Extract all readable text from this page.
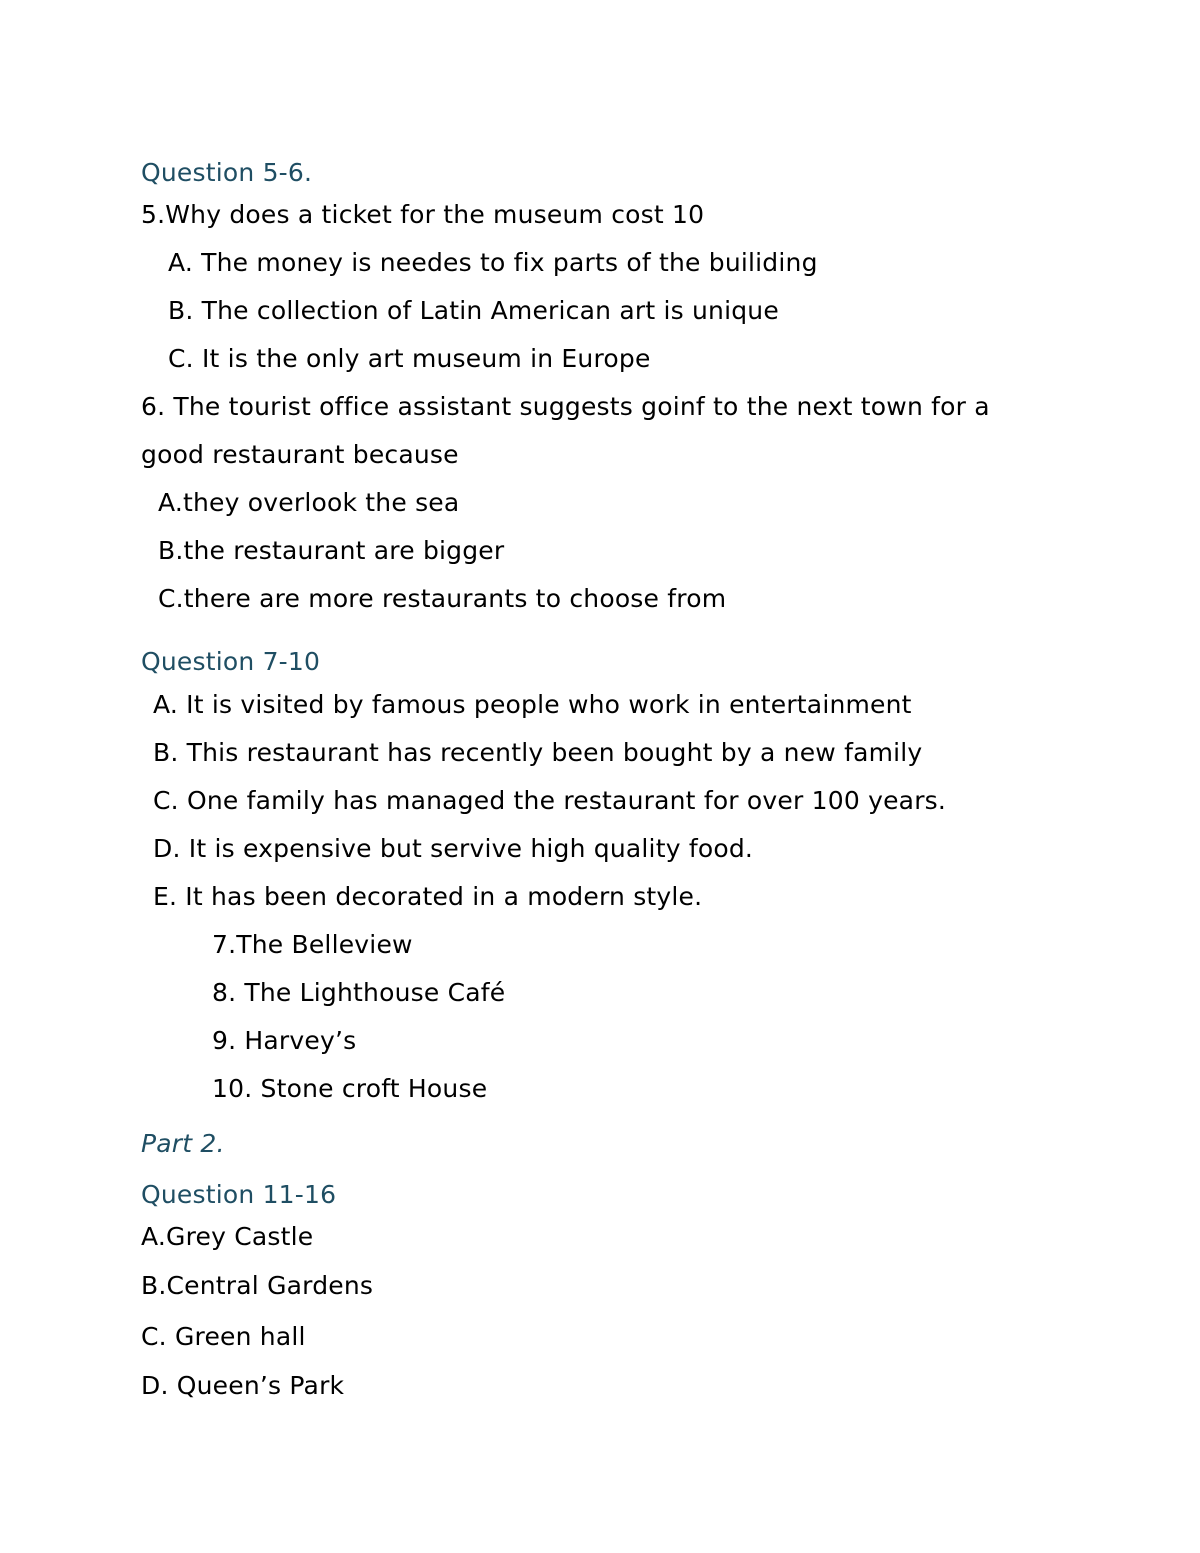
Question 5-6.
5.Why does a ticket for the museum cost 10
A. The money is needes to fix parts of the builiding
B. The collection of Latin American art is unique
C. It is the only art museum in Europe
6. The tourist office assistant suggests goinf to the next town for a
good restaurant because
A.they overlook the sea
B.the restaurant are bigger
C.there are more restaurants to choose from
Question 7-10
A. It is visited by famous people who work in entertainment
B. This restaurant has recently been bought by a new family
C. One family has managed the restaurant for over 100 years.
D. It is expensive but servive high quality food.
E. It has been decorated in a modern style.
7.The Belleview
8. The Lighthouse Café
9. Harvey’s
10. Stone croft House
Part 2.
Question 11-16
A.Grey Castle
B.Central Gardens
C. Green hall
D. Queen’s Park
